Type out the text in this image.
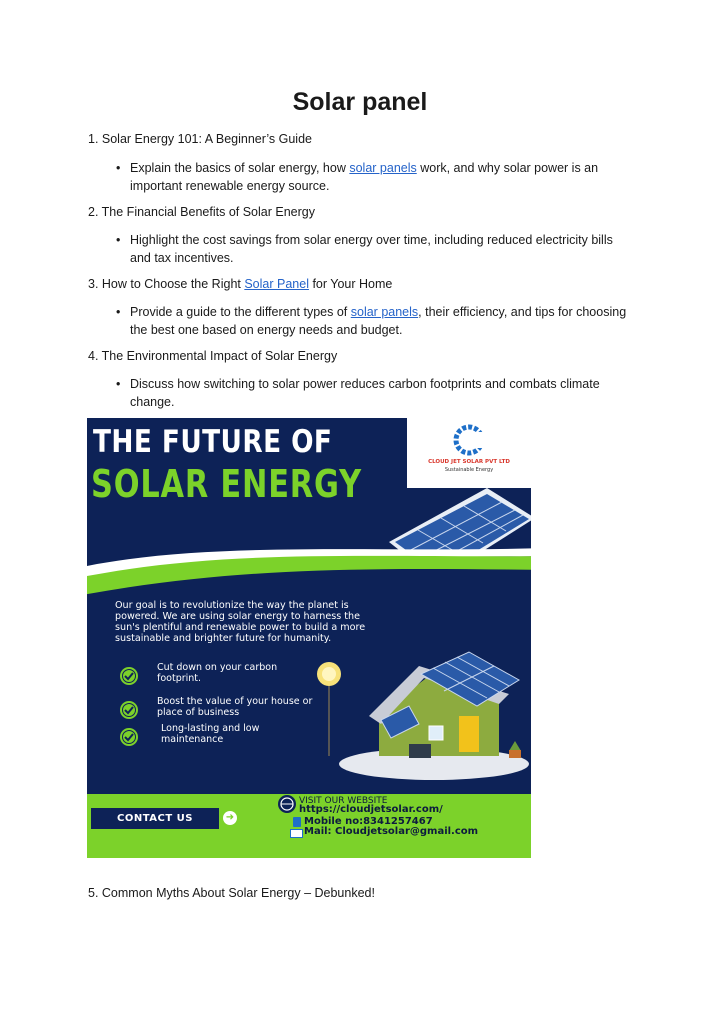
Solar panel
1. Solar Energy 101: A Beginner’s Guide
• Explain the basics of solar energy, how solar panels work, and why solar power is an important renewable energy source.
2. The Financial Benefits of Solar Energy
• Highlight the cost savings from solar energy over time, including reduced electricity bills and tax incentives.
3. How to Choose the Right Solar Panel for Your Home
• Provide a guide to the different types of solar panels, their efficiency, and tips for choosing the best one based on energy needs and budget.
4. The Environmental Impact of Solar Energy
• Discuss how switching to solar power reduces carbon footprints and combats climate change.
THE FUTURE OF
SOLAR ENERGY	CLOUD JET SOLAR PVT LTD
Sustainable Energy
Our goal is to revolutionize the way the planet is powered. We are using solar energy to harness the sun's plentiful and renewable power to build a more sustainable and brighter future for humanity.
Cut down on your carbon footprint.
Boost the value of your house or place of business
Long-lasting and low maintenance
CONTACT US	➜
VISIT OUR WEBSITE
https://cloudjetsolar.com/
Mobile no:8341257467
Mail: Cloudjetsolar@gmail.com
5. Common Myths About Solar Energy – Debunked!
